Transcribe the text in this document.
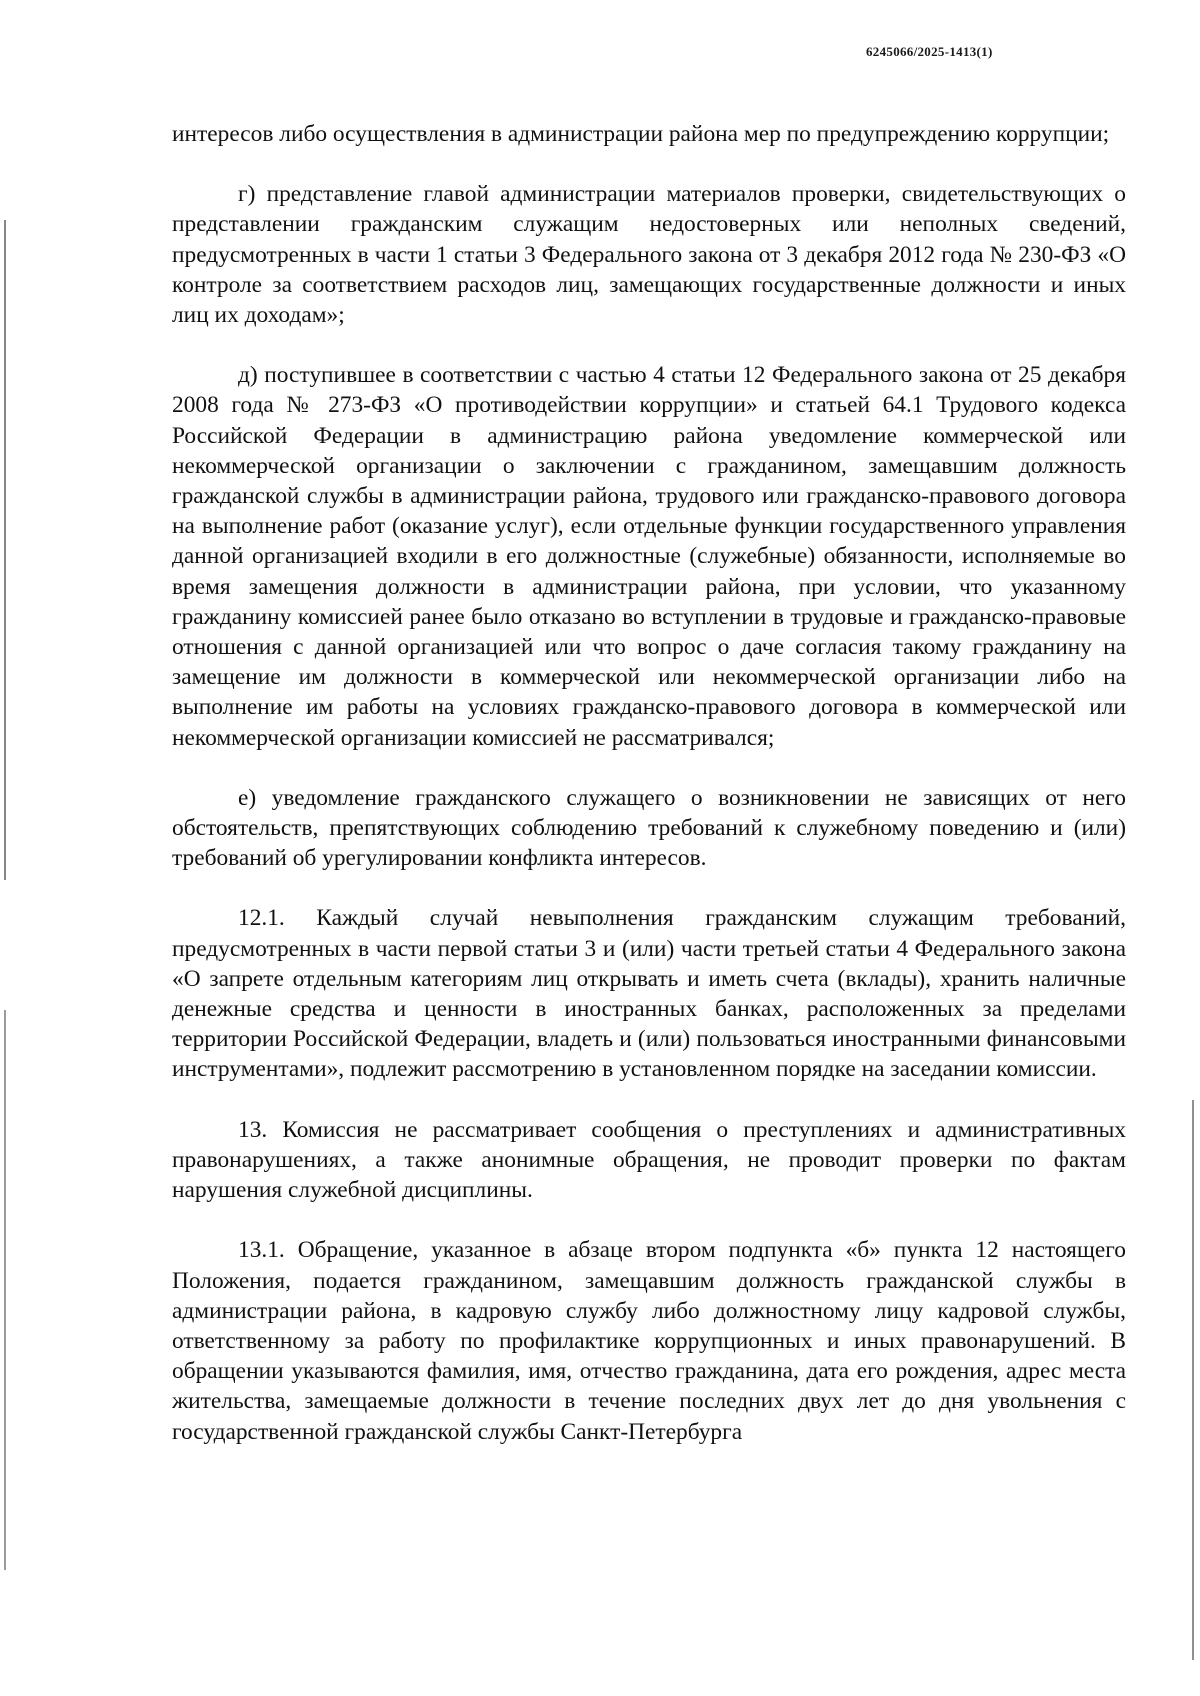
6245066/2025-1413(1)

интересов либо осуществления в администрации района мер по предупреждению коррупции;

г) представление главой администрации материалов проверки, свидетельствующих о представлении гражданским служащим недостоверных или неполных сведений, предусмотренных в части 1 статьи 3 Федерального закона от 3 декабря 2012 года № 230-ФЗ «О контроле за соответствием расходов лиц, замещающих государственные должности и иных лиц их доходам»;

д) поступившее в соответствии с частью 4 статьи 12 Федерального закона от 25 декабря 2008 года № 273-ФЗ «О противодействии коррупции» и статьей 64.1 Трудового кодекса Российской Федерации в администрацию района уведомление коммерческой или некоммерческой организации о заключении с гражданином, замещавшим должность гражданской службы в администрации района, трудового или гражданско-правового договора на выполнение работ (оказание услуг), если отдельные функции государственного управления данной организацией входили в его должностные (служебные) обязанности, исполняемые во время замещения должности в администрации района, при условии, что указанному гражданину комиссией ранее было отказано во вступлении в трудовые и гражданско-правовые отношения с данной организацией или что вопрос о даче согласия такому гражданину на замещение им должности в коммерческой или некоммерческой организации либо на выполнение им работы на условиях гражданско-правового договора в коммерческой или некоммерческой организации комиссией не рассматривался;

е) уведомление гражданского служащего о возникновении не зависящих от него обстоятельств, препятствующих соблюдению требований к служебному поведению и (или) требований об урегулировании конфликта интересов.

12.1. Каждый случай невыполнения гражданским служащим требований, предусмотренных в части первой статьи 3 и (или) части третьей статьи 4 Федерального закона «О запрете отдельным категориям лиц открывать и иметь счета (вклады), хранить наличные денежные средства и ценности в иностранных банках, расположенных за пределами территории Российской Федерации, владеть и (или) пользоваться иностранными финансовыми инструментами», подлежит рассмотрению в установленном порядке на заседании комиссии.

13. Комиссия не рассматривает сообщения о преступлениях и административных правонарушениях, а также анонимные обращения, не проводит проверки по фактам нарушения служебной дисциплины.

13.1. Обращение, указанное в абзаце втором подпункта «б» пункта 12 настоящего Положения, подается гражданином, замещавшим должность гражданской службы в администрации района, в кадровую службу либо должностному лицу кадровой службы, ответственному за работу по профилактике коррупционных и иных правонарушений. В обращении указываются фамилия, имя, отчество гражданина, дата его рождения, адрес места жительства, замещаемые должности в течение последних двух лет до дня увольнения с государственной гражданской службы Санкт-Петербурга
